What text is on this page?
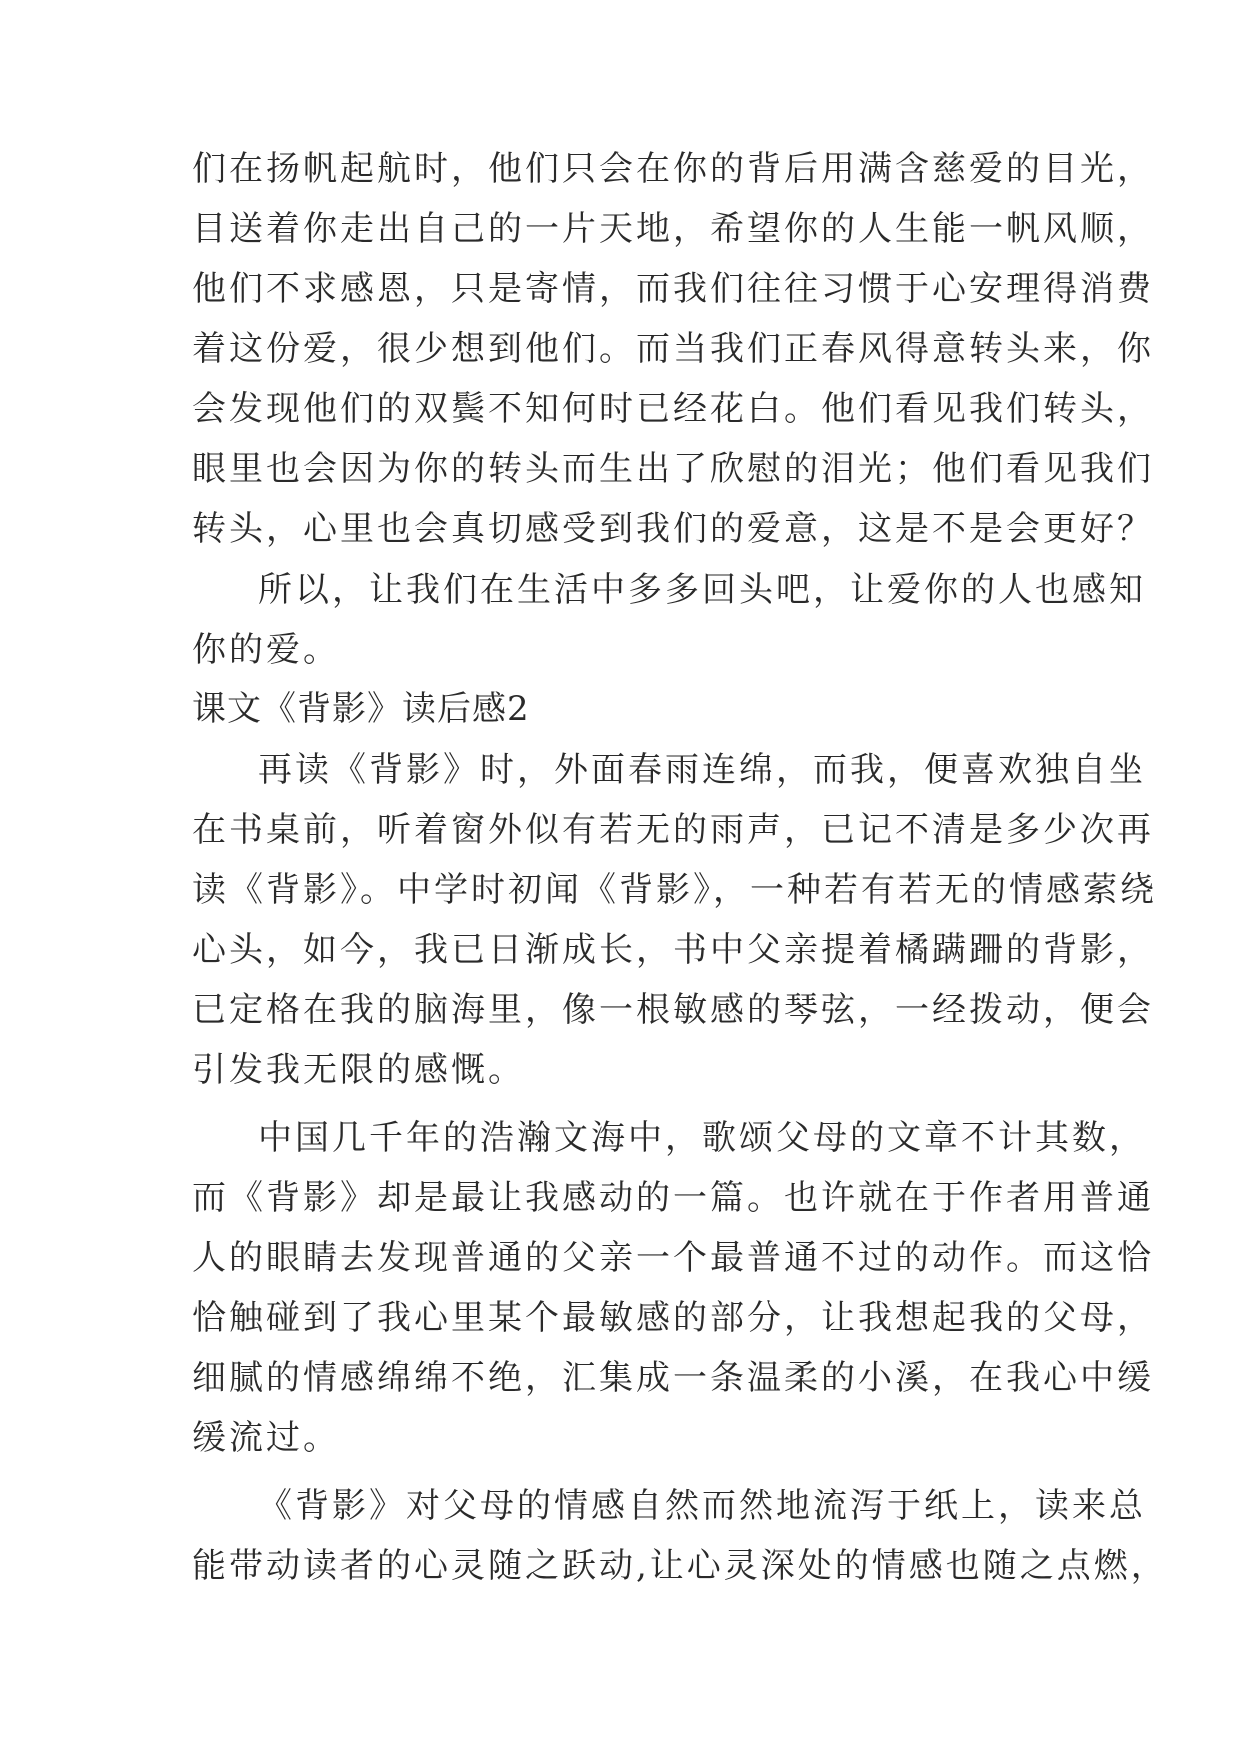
们在扬帆起航时，他们只会在你的背后用满含慈爱的目光，
目送着你走出自己的一片天地，希望你的人生能一帆风顺，
他们不求感恩，只是寄情，而我们往往习惯于心安理得消费
着这份爱，很少想到他们。而当我们正春风得意转头来，你
会发现他们的双鬓不知何时已经花白。他们看见我们转头，
眼里也会因为你的转头而生出了欣慰的泪光；他们看见我们
转头，心里也会真切感受到我们的爱意，这是不是会更好？
所以，让我们在生活中多多回头吧，让爱你的人也感知
你的爱。
课文《背影》读后感2
再读《背影》时，外面春雨连绵，而我，便喜欢独自坐
在书桌前，听着窗外似有若无的雨声，已记不清是多少次再
读《背影》。中学时初闻《背影》，一种若有若无的情感萦绕
心头，如今，我已日渐成长，书中父亲提着橘蹒跚的背影，
已定格在我的脑海里，像一根敏感的琴弦，一经拨动，便会
引发我无限的感慨。
中国几千年的浩瀚文海中，歌颂父母的文章不计其数，
而《背影》却是最让我感动的一篇。也许就在于作者用普通
人的眼睛去发现普通的父亲一个最普通不过的动作。而这恰
恰触碰到了我心里某个最敏感的部分，让我想起我的父母，
细腻的情感绵绵不绝，汇集成一条温柔的小溪，在我心中缓
缓流过。
《背影》对父母的情感自然而然地流泻于纸上，读来总
能带动读者的心灵随之跃动,让心灵深处的情感也随之点燃，
